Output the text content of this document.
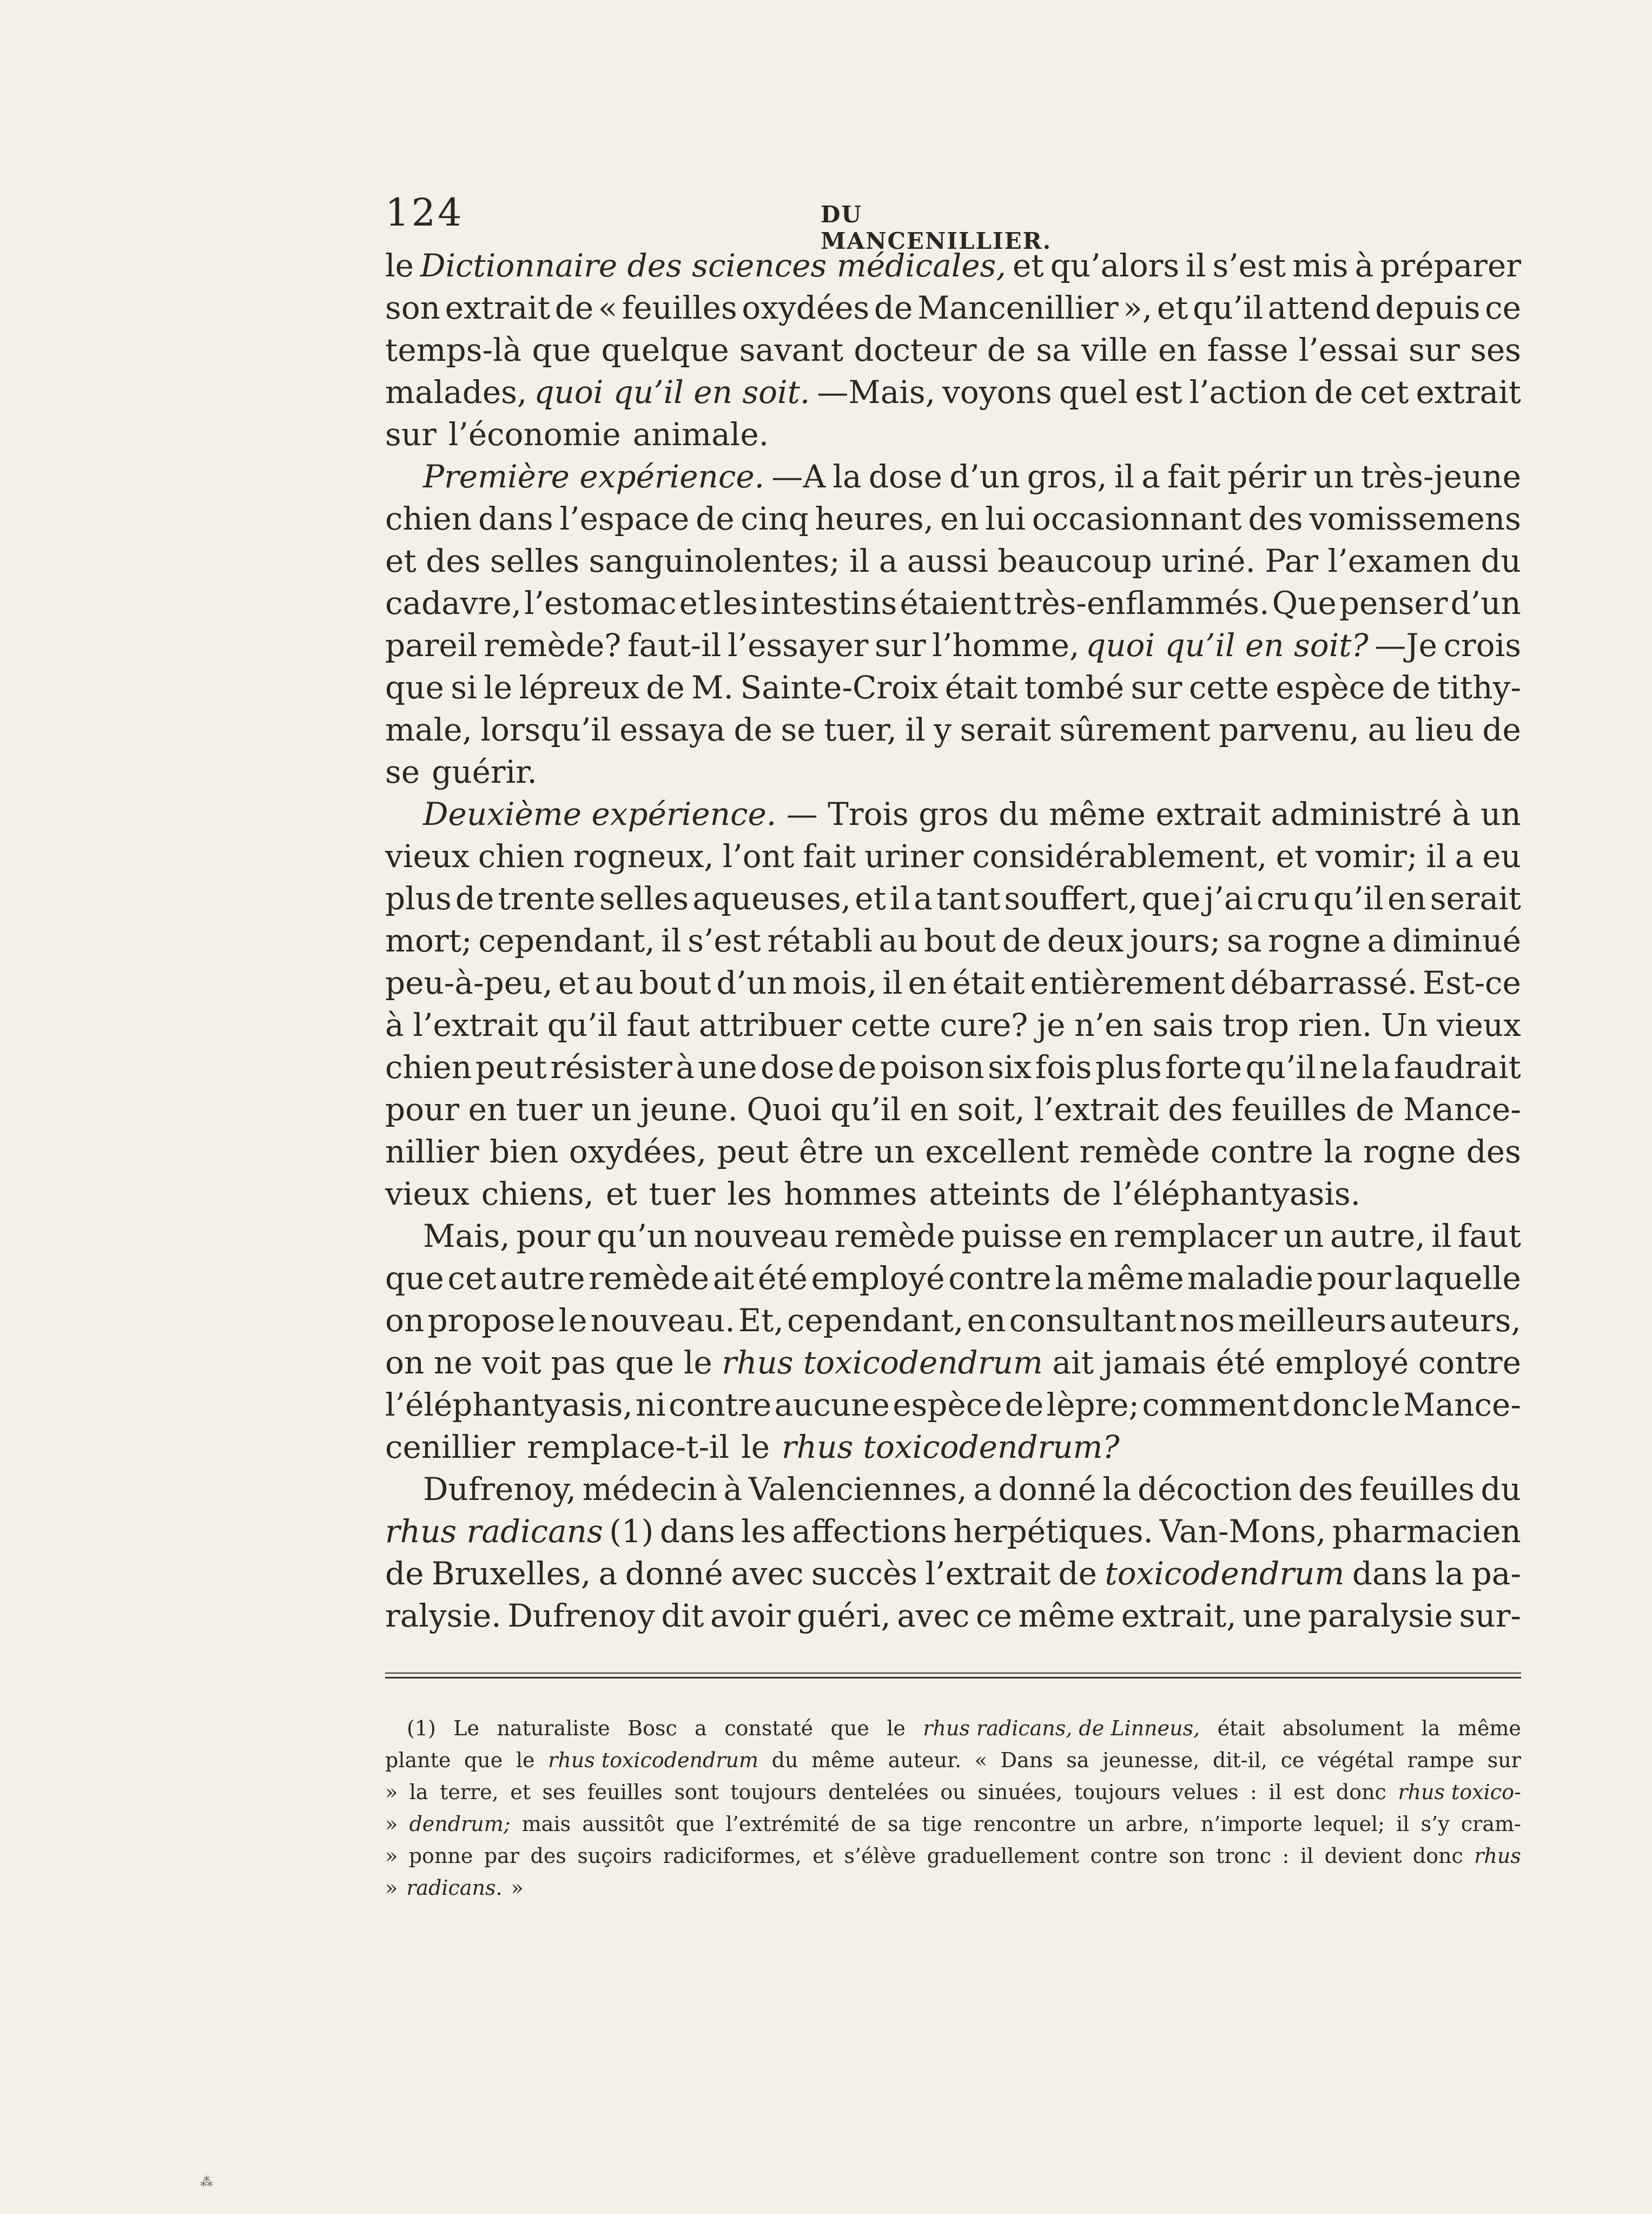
124	DU MANCENILLIER.
le Dictionnaire des sciences médicales, et qu’alors il s’est mis à préparer
son extrait de « feuilles oxydées de Mancenillier », et qu’il attend depuis ce
temps-là que quelque savant docteur de sa ville en fasse l’essai sur ses
malades, quoi qu’il en soit. —Mais, voyons quel est l’action de cet extrait
sur l’économie animale.
Première expérience. —A la dose d’un gros, il a fait périr un très-jeune
chien dans l’espace de cinq heures, en lui occasionnant des vomissemens
et des selles sanguinolentes; il a aussi beaucoup uriné. Par l’examen du
cadavre, l’estomac et les intestins étaient très-enflammés. Que penser d’un
pareil remède? faut-il l’essayer sur l’homme, quoi qu’il en soit? —Je crois
que si le lépreux de M. Sainte-Croix était tombé sur cette espèce de tithy-
male, lorsqu’il essaya de se tuer, il y serait sûrement parvenu, au lieu de
se guérir.
Deuxième expérience. — Trois gros du même extrait administré à un
vieux chien rogneux, l’ont fait uriner considérablement, et vomir; il a eu
plus de trente selles aqueuses, et il a tant souffert, que j’ai cru qu’il en serait
mort; cependant, il s’est rétabli au bout de deux jours; sa rogne a diminué
peu-à-peu, et au bout d’un mois, il en était entièrement débarrassé. Est-ce
à l’extrait qu’il faut attribuer cette cure? je n’en sais trop rien. Un vieux
chien peut résister à une dose de poison six fois plus forte qu’il ne la faudrait
pour en tuer un jeune. Quoi qu’il en soit, l’extrait des feuilles de Mance-
nillier bien oxydées, peut être un excellent remède contre la rogne des
vieux chiens, et tuer les hommes atteints de l’éléphantyasis.
Mais, pour qu’un nouveau remède puisse en remplacer un autre, il faut
que cet autre remède ait été employé contre la même maladie pour laquelle
on propose le nouveau. Et, cependant, en consultant nos meilleurs auteurs,
on ne voit pas que le rhus toxicodendrum ait jamais été employé contre
l’éléphantyasis, ni contre aucune espèce de lèpre; comment donc le Mance-
cenillier remplace-t-il le rhus toxicodendrum?
Dufrenoy, médecin à Valenciennes, a donné la décoction des feuilles du
rhus radicans (1) dans les affections herpétiques. Van-Mons, pharmacien
de Bruxelles, a donné avec succès l’extrait de toxicodendrum dans la pa-
ralysie. Dufrenoy dit avoir guéri, avec ce même extrait, une paralysie sur-
(1) Le naturaliste Bosc a constaté que le rhus radicans, de Linneus, était absolument la même
plante que le rhus toxicodendrum du même auteur. « Dans sa jeunesse, dit-il, ce végétal rampe sur
» la terre, et ses feuilles sont toujours dentelées ou sinuées, toujours velues : il est donc rhus toxico-
» dendrum; mais aussitôt que l’extrémité de sa tige rencontre un arbre, n’importe lequel; il s’y cram-
» ponne par des suçoirs radiciformes, et s’élève graduellement contre son tronc : il devient donc rhus
» radicans. »
⁂
